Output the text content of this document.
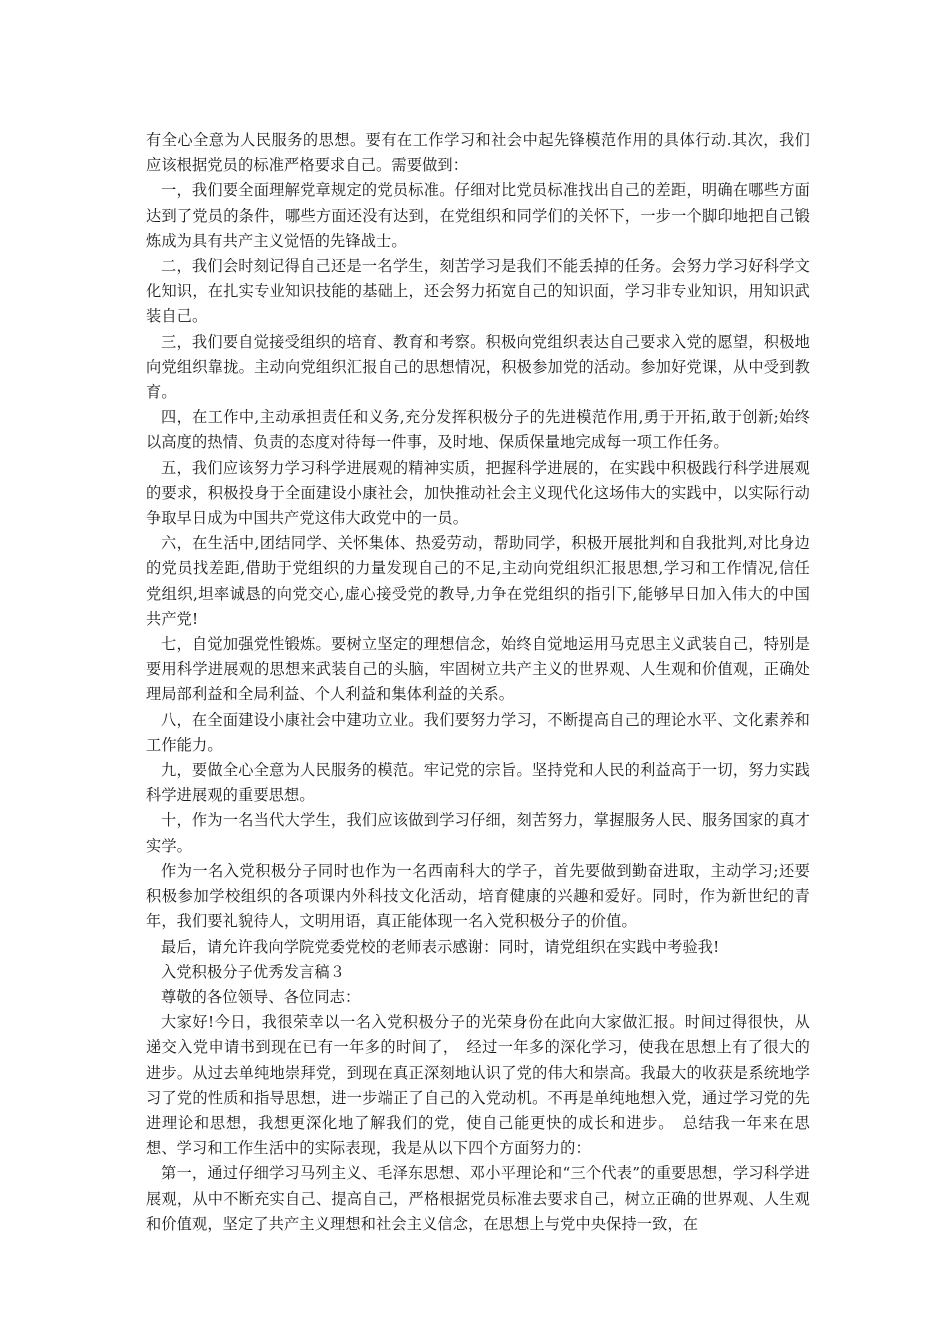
有全心全意为人民服务的思想。要有在工作学习和社会中起先锋模范作用的具体行动.其次，我们应该根据党员的标准严格要求自己。需要做到：

一，我们要全面理解党章规定的党员标准。仔细对比党员标准找出自己的差距，明确在哪些方面达到了党员的条件，哪些方面还没有达到，在党组织和同学们的关怀下，一步一个脚印地把自己锻炼成为具有共产主义觉悟的先锋战士。

二，我们会时刻记得自己还是一名学生，刻苦学习是我们不能丢掉的任务。会努力学习好科学文化知识，在扎实专业知识技能的基础上，还会努力拓宽自己的知识面，学习非专业知识，用知识武装自己。

三，我们要自觉接受组织的培育、教育和考察。积极向党组织表达自己要求入党的愿望，积极地向党组织靠拢。主动向党组织汇报自己的思想情况，积极参加党的活动。参加好党课，从中受到教育。

四，在工作中,主动承担责任和义务,充分发挥积极分子的先进模范作用,勇于开拓,敢于创新;始终以高度的热情、负责的态度对待每一件事，及时地、保质保量地完成每一项工作任务。

五，我们应该努力学习科学进展观的精神实质，把握科学进展的，在实践中积极践行科学进展观的要求，积极投身于全面建设小康社会，加快推动社会主义现代化这场伟大的实践中，以实际行动争取早日成为中国共产党这伟大政党中的一员。

六，在生活中,团结同学、关怀集体、热爱劳动，帮助同学，积极开展批判和自我批判,对比身边的党员找差距,借助于党组织的力量发现自己的不足,主动向党组织汇报思想,学习和工作情况,信任党组织,坦率诚恳的向党交心,虚心接受党的教导,力争在党组织的指引下,能够早日加入伟大的中国共产党!

七，自觉加强党性锻炼。要树立坚定的理想信念，始终自觉地运用马克思主义武装自己，特别是要用科学进展观的思想来武装自己的头脑，牢固树立共产主义的世界观、人生观和价值观，正确处理局部利益和全局利益、个人利益和集体利益的关系。

八，在全面建设小康社会中建功立业。我们要努力学习，不断提高自己的理论水平、文化素养和工作能力。

九，要做全心全意为人民服务的模范。牢记党的宗旨。坚持党和人民的利益高于一切，努力实践科学进展观的重要思想。

十，作为一名当代大学生，我们应该做到学习仔细，刻苦努力，掌握服务人民、服务国家的真才实学。

作为一名入党积极分子同时也作为一名西南科大的学子，首先要做到勤奋进取，主动学习;还要积极参加学校组织的各项课内外科技文化活动，培育健康的兴趣和爱好。同时，作为新世纪的青年，我们要礼貌待人，文明用语，真正能体现一名入党积极分子的价值。

最后，请允许我向学院党委党校的老师表示感谢：同时，请党组织在实践中考验我!

入党积极分子优秀发言稿３

尊敬的各位领导、各位同志：

大家好!今日，我很荣幸以一名入党积极分子的光荣身份在此向大家做汇报。时间过得很快，从递交入党申请书到现在已有一年多的时间了，　经过一年多的深化学习，使我在思想上有了很大的进步。从过去单纯地崇拜党，到现在真正深刻地认识了党的伟大和崇高。我最大的收获是系统地学习了党的性质和指导思想，进一步端正了自己的入党动机。不再是单纯地想入党，通过学习党的先进理论和思想，我想更深化地了解我们的党，使自己能更快的成长和进步。　总结我一年来在思想、学习和工作生活中的实际表现，我是从以下四个方面努力的：

第一，通过仔细学习马列主义、毛泽东思想、邓小平理论和“三个代表”的重要思想，学习科学进展观，从中不断充实自己、提高自己，严格根据党员标准去要求自己，树立正确的世界观、人生观和价值观，坚定了共产主义理想和社会主义信念，在思想上与党中央保持一致，在
